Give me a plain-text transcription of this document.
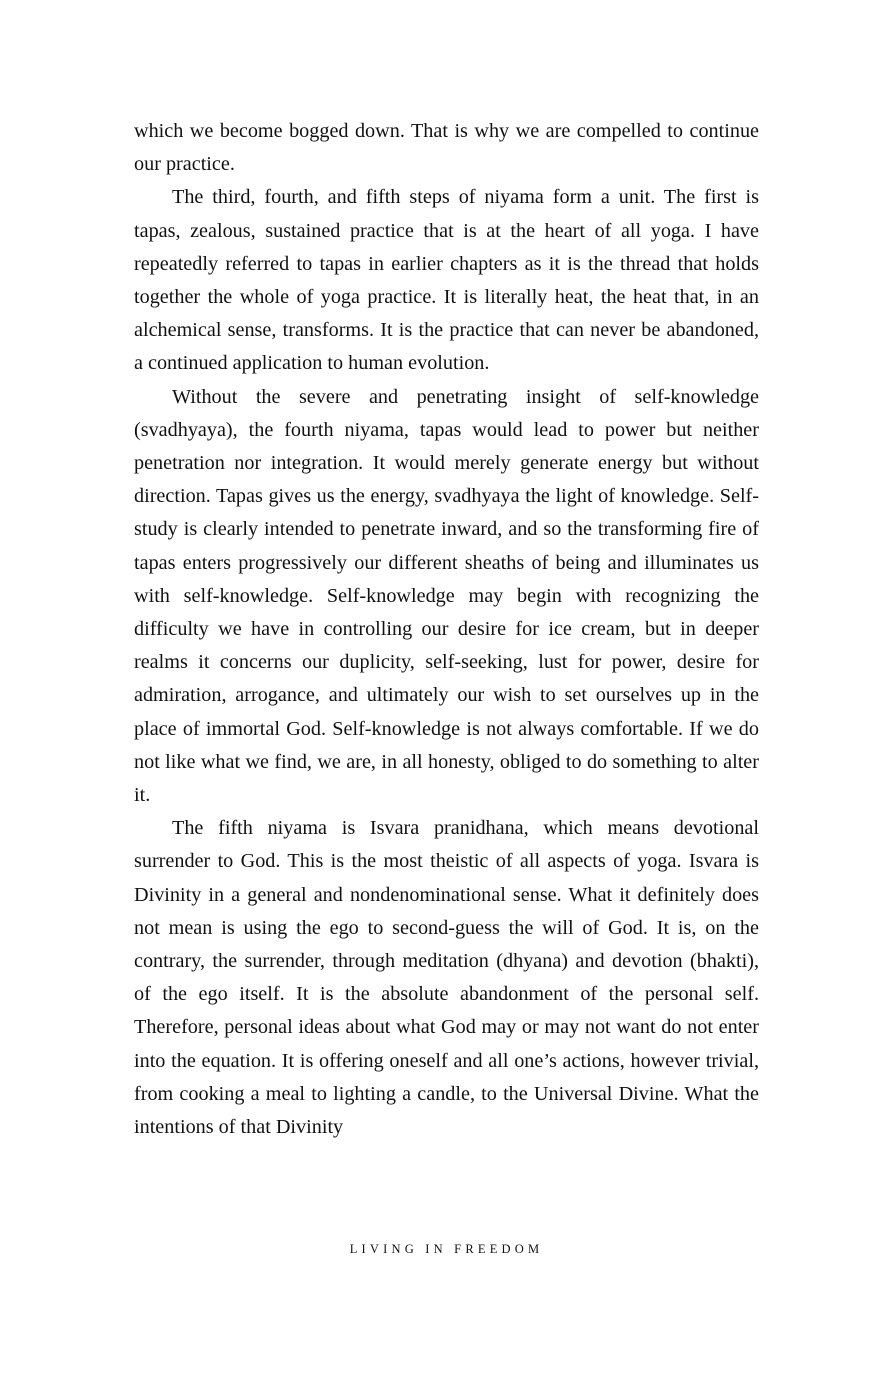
which we become bogged down. That is why we are compelled to continue our practice.

The third, fourth, and fifth steps of niyama form a unit. The first is tapas, zealous, sustained practice that is at the heart of all yoga. I have repeatedly referred to tapas in earlier chapters as it is the thread that holds together the whole of yoga practice. It is literally heat, the heat that, in an alchemical sense, transforms. It is the practice that can never be abandoned, a continued application to human evolution.

Without the severe and penetrating insight of self-knowledge (svadhyaya), the fourth niyama, tapas would lead to power but neither penetration nor integration. It would merely generate energy but without direction. Tapas gives us the energy, svadhyaya the light of knowledge. Self-study is clearly intended to penetrate inward, and so the transforming fire of tapas enters progressively our different sheaths of being and illuminates us with self-knowledge. Self-knowledge may begin with recognizing the difficulty we have in controlling our desire for ice cream, but in deeper realms it concerns our duplicity, self-seeking, lust for power, desire for admiration, arrogance, and ultimately our wish to set ourselves up in the place of immortal God. Self-knowledge is not always comfortable. If we do not like what we find, we are, in all honesty, obliged to do something to alter it.

The fifth niyama is Isvara pranidhana, which means devotional surrender to God. This is the most theistic of all aspects of yoga. Isvara is Divinity in a general and nondenominational sense. What it definitely does not mean is using the ego to second-guess the will of God. It is, on the contrary, the surrender, through meditation (dhyana) and devotion (bhakti), of the ego itself. It is the absolute abandonment of the personal self. Therefore, personal ideas about what God may or may not want do not enter into the equation. It is offering oneself and all one’s actions, however trivial, from cooking a meal to lighting a candle, to the Universal Divine. What the intentions of that Divinity

LIVING IN FREEDOM
